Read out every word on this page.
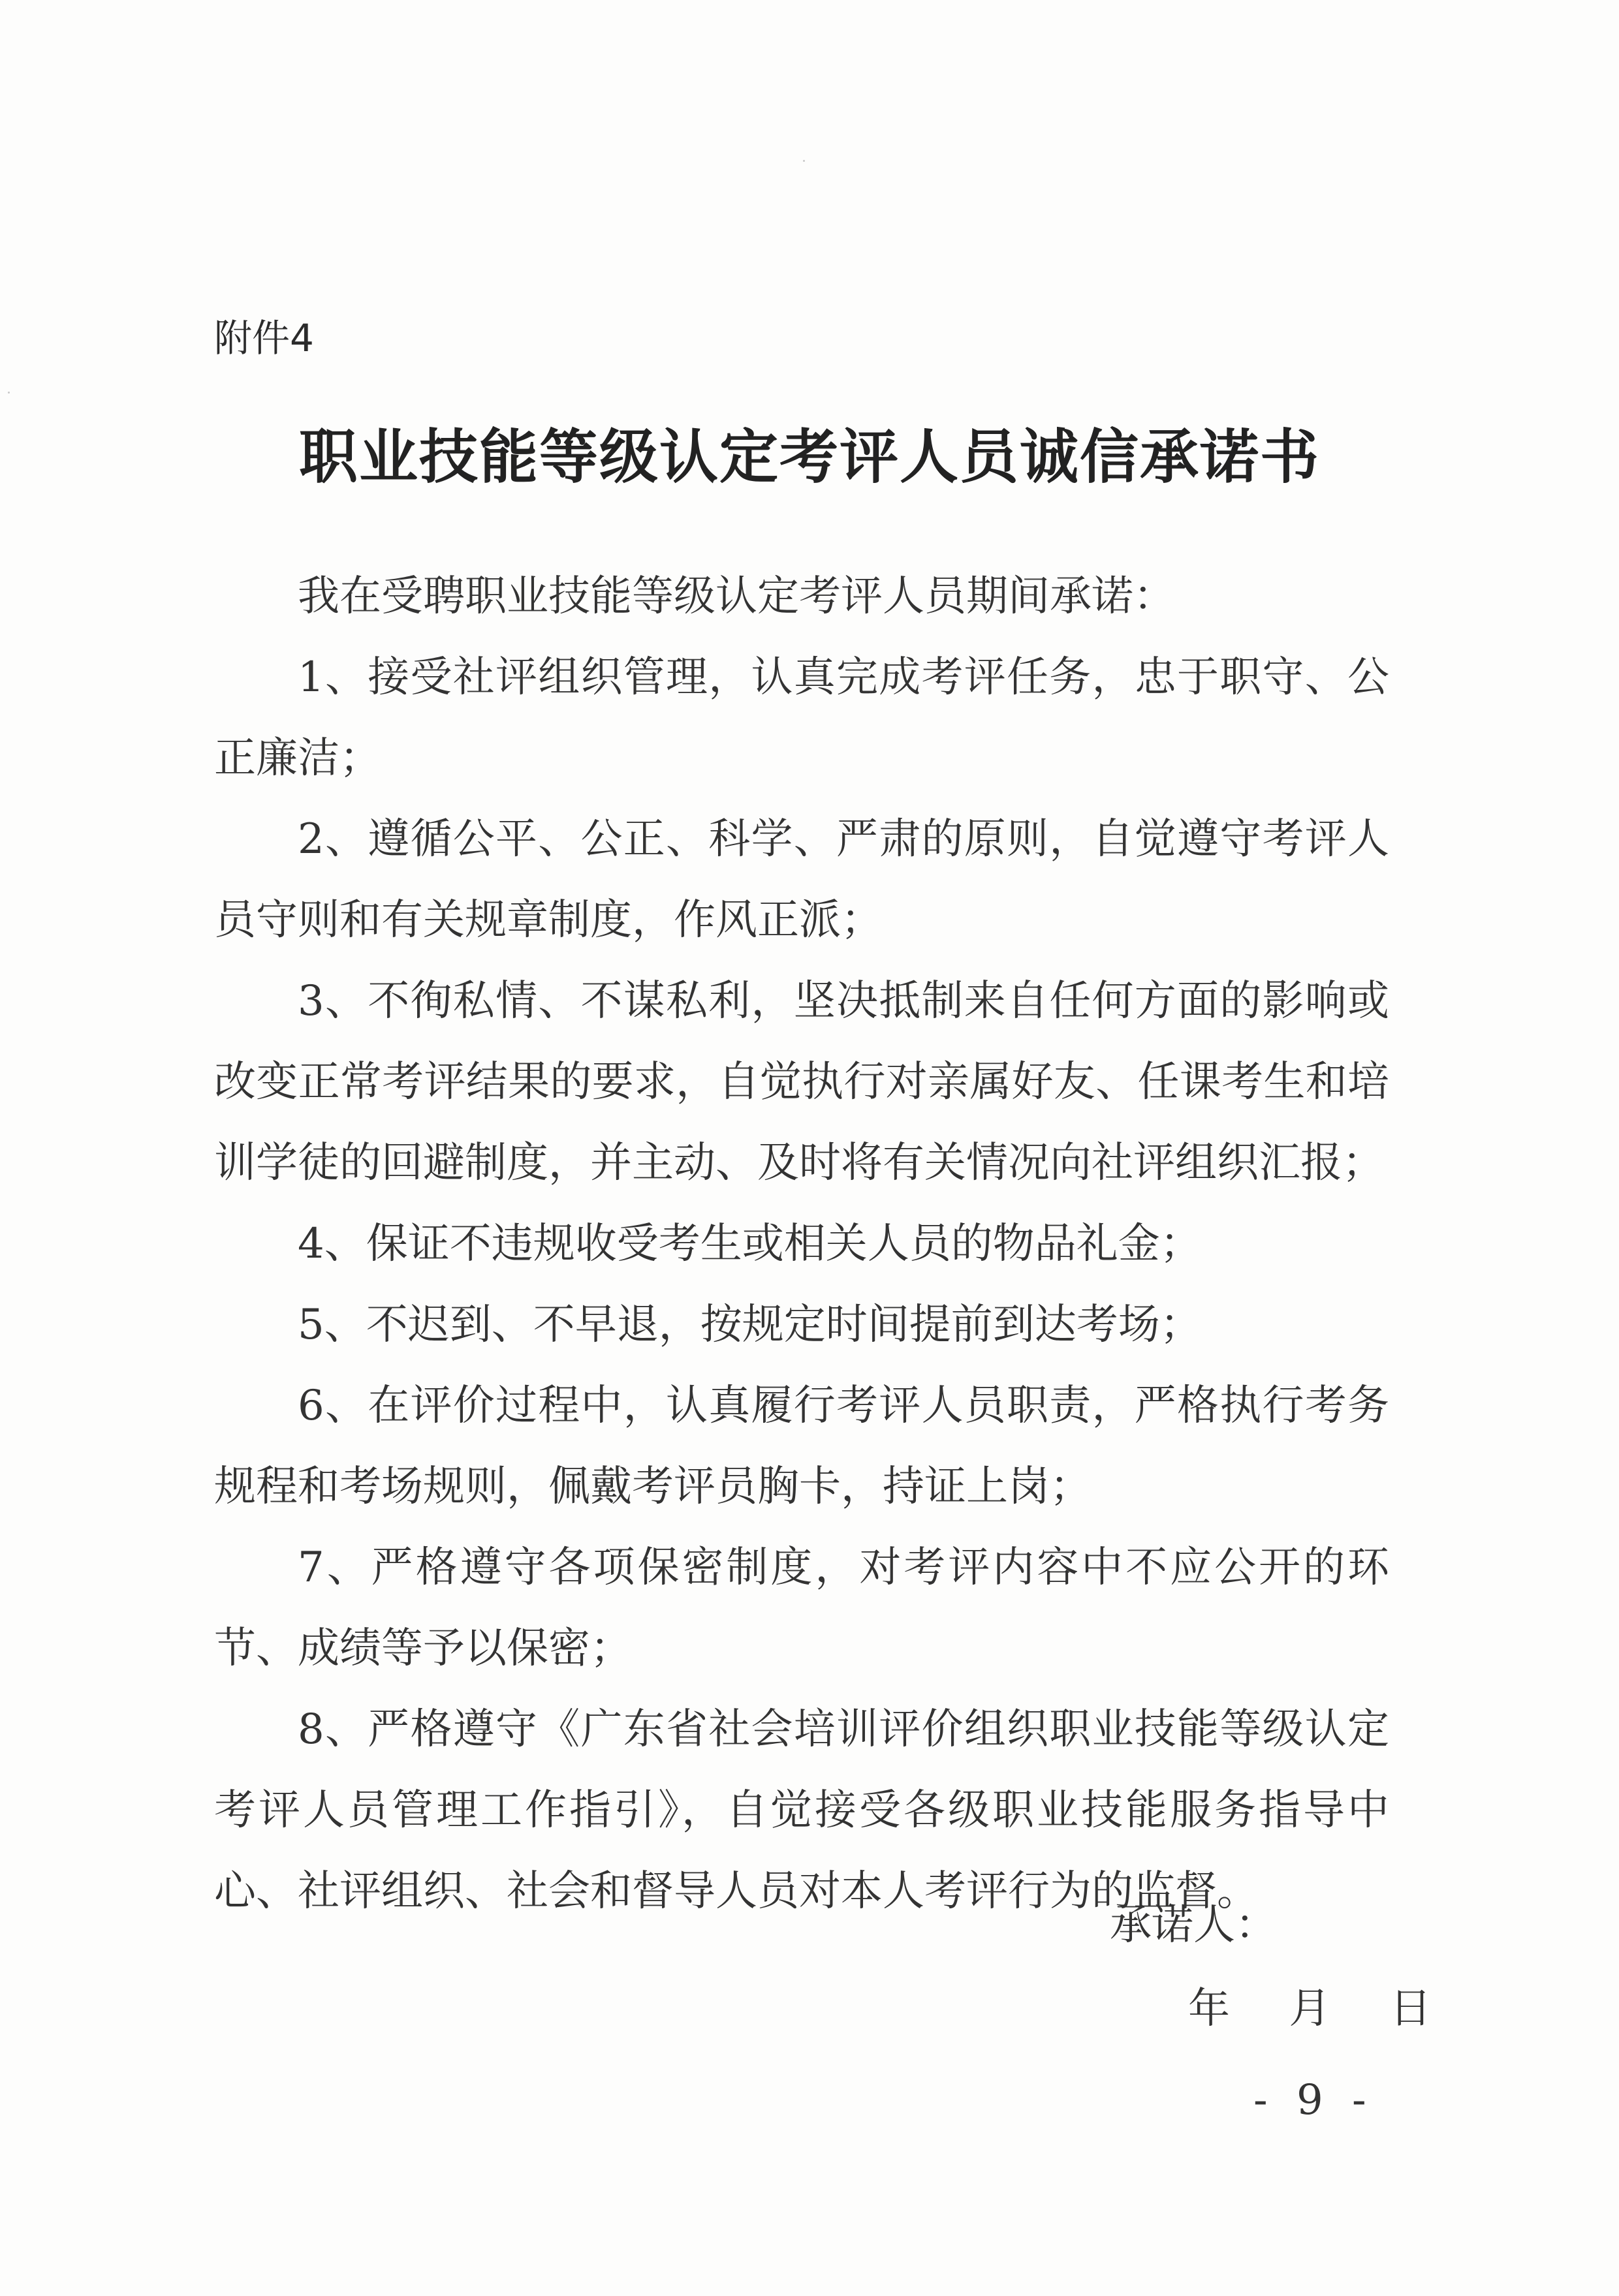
附件4
职业技能等级认定考评人员诚信承诺书

我在受聘职业技能等级认定考评人员期间承诺：

1、接受社评组织管理，认真完成考评任务，忠于职守、公正廉洁；

2、遵循公平、公正、科学、严肃的原则，自觉遵守考评人员守则和有关规章制度，作风正派；

3、不徇私情、不谋私利，坚决抵制来自任何方面的影响或改变正常考评结果的要求，自觉执行对亲属好友、任课考生和培训学徒的回避制度，并主动、及时将有关情况向社评组织汇报；

4、保证不违规收受考生或相关人员的物品礼金；

5、不迟到、不早退，按规定时间提前到达考场；

6、在评价过程中，认真履行考评人员职责，严格执行考务规程和考场规则，佩戴考评员胸卡，持证上岗；

7、严格遵守各项保密制度，对考评内容中不应公开的环节、成绩等予以保密；

8、严格遵守《广东省社会培训评价组织职业技能等级认定考评人员管理工作指引》，自觉接受各级职业技能服务指导中心、社评组织、社会和督导人员对本人考评行为的监督。

承诺人：
年 月 日
- 9 -
